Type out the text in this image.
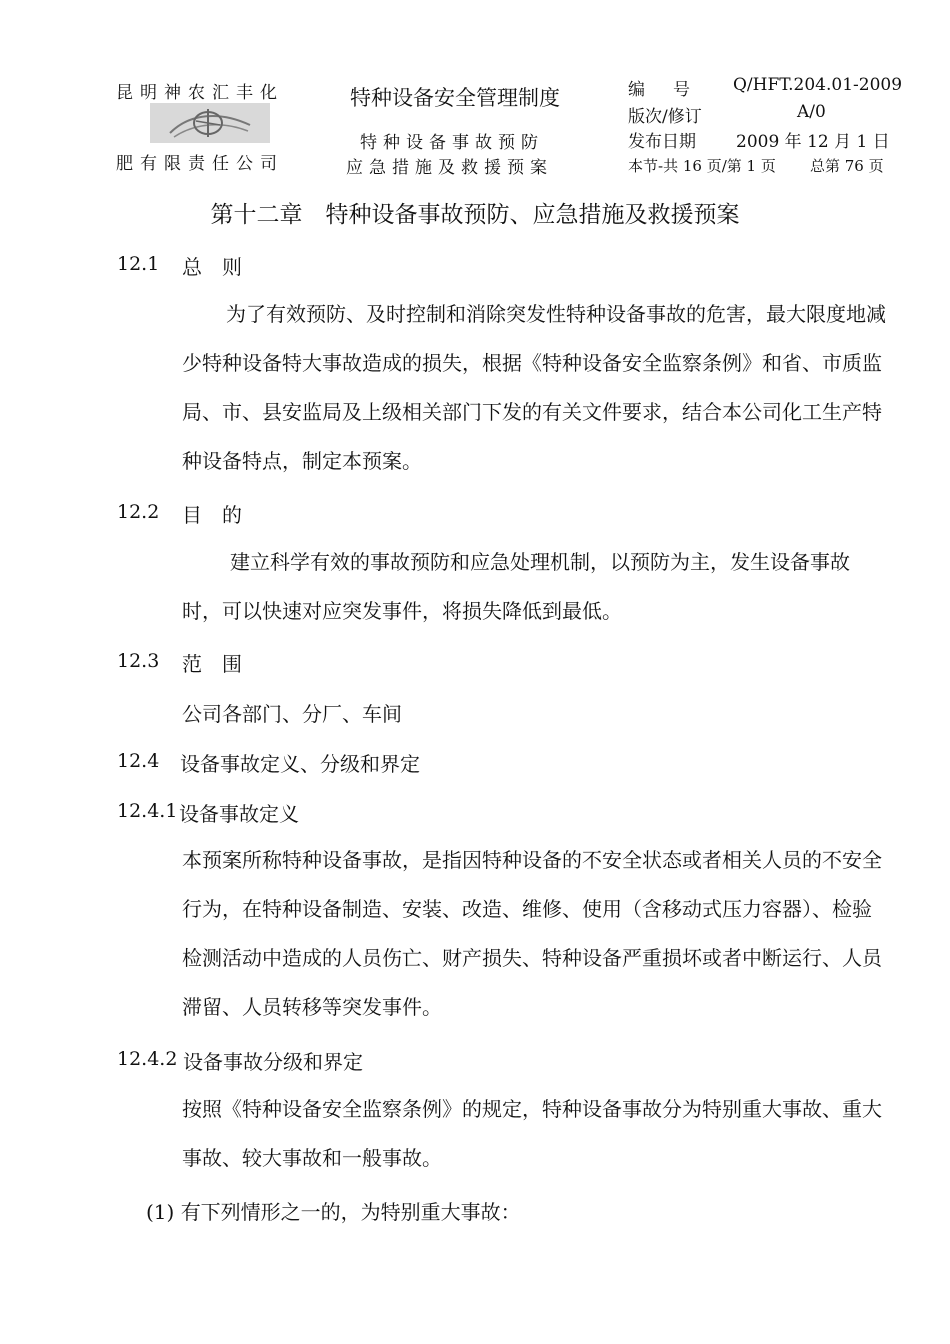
昆明神农汇丰化
肥有限责任公司
特种设备安全管理制度
特种设备事故预防
应急措施及救援预案
编号 Q/HFT.204.01-2009
版次/修订	A/0
发布日期 2009 年 12 月 1 日
本节-共 16 页/第 1 页 总第 76 页
第十二章　特种设备事故预防、应急措施及救援预案
12.1 总　则
为了有效预防、及时控制和消除突发性特种设备事故的危害，最大限度地减少特种设备特大事故造成的损失，根据《特种设备安全监察条例》和省、市质监局、市、县安监局及上级相关部门下发的有关文件要求，结合本公司化工生产特种设备特点，制定本预案。
12.2 目　的
建立科学有效的事故预防和应急处理机制，以预防为主，发生设备事故时，可以快速对应突发事件，将损失降低到最低。
12.3 范　围
公司各部门、分厂、车间
12.4 设备事故定义、分级和界定
12.4.1 设备事故定义
本预案所称特种设备事故，是指因特种设备的不安全状态或者相关人员的不安全行为，在特种设备制造、安装、改造、维修、使用（含移动式压力容器）、检验检测活动中造成的人员伤亡、财产损失、特种设备严重损坏或者中断运行、人员滞留、人员转移等突发事件。
12.4.2 设备事故分级和界定
按照《特种设备安全监察条例》的规定，特种设备事故分为特别重大事故、重大事故、较大事故和一般事故。
(1) 有下列情形之一的，为特别重大事故：
